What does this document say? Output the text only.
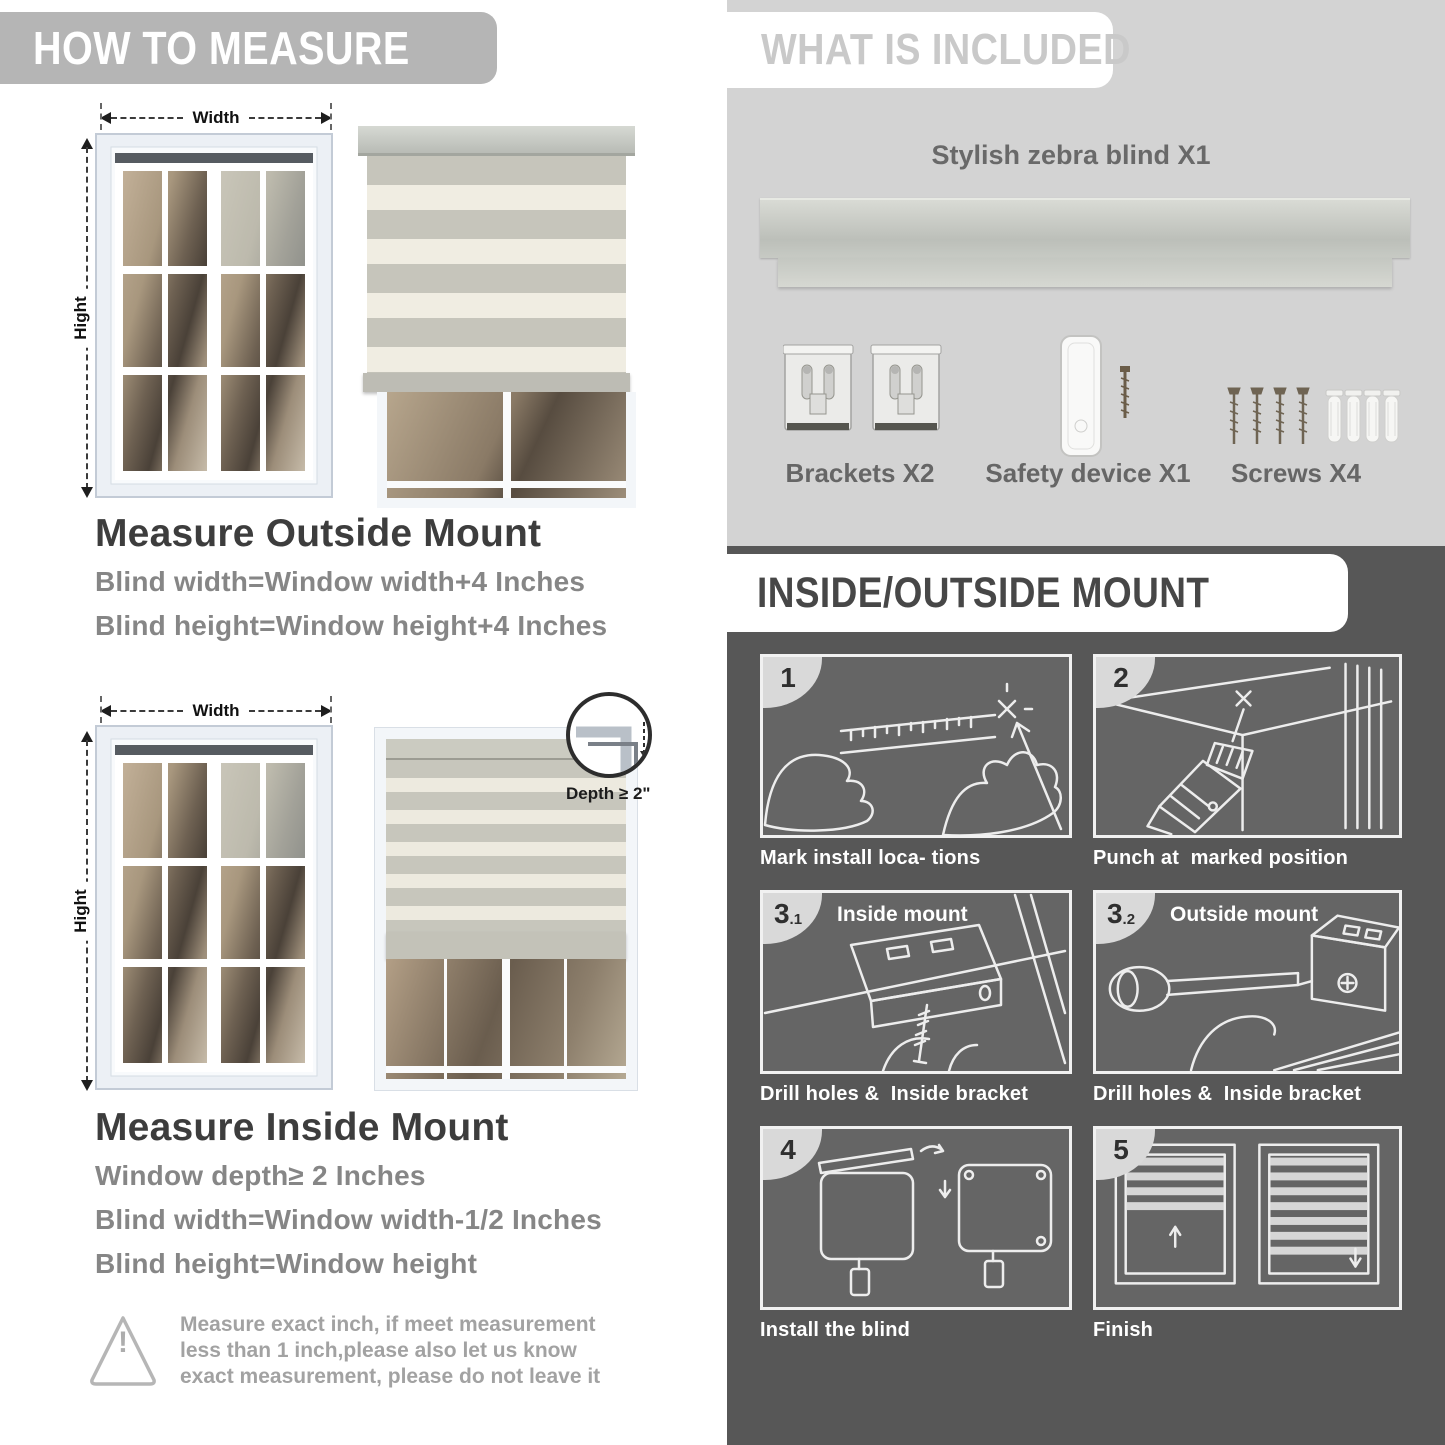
HOW TO MEASURE
Width
Hight
Measure Outside Mount
Blind width=Window width+4 Inches
Blind height=Window height+4 Inches
Width
Hight
Depth ≥ 2"
Measure Inside Mount
Window depth≥ 2 Inches
Blind width=Window width-1/2 Inches
Blind height=Window height
!
Measure exact inch, if meet measurement less than 1 inch,please also let us know exact measurement, please do not leave it
WHAT IS INCLUDED
Stylish zebra blind X1
Brackets X2	Safety device X1 Screws X4
INSIDE/OUTSIDE MOUNT
1
Mark install loca- tions
2
Punch at  marked position
3 .1 Inside mount
Drill holes &  Inside bracket
3 .2 Outside mount
Drill holes &  Inside bracket
4
Install the blind
5
Finish
